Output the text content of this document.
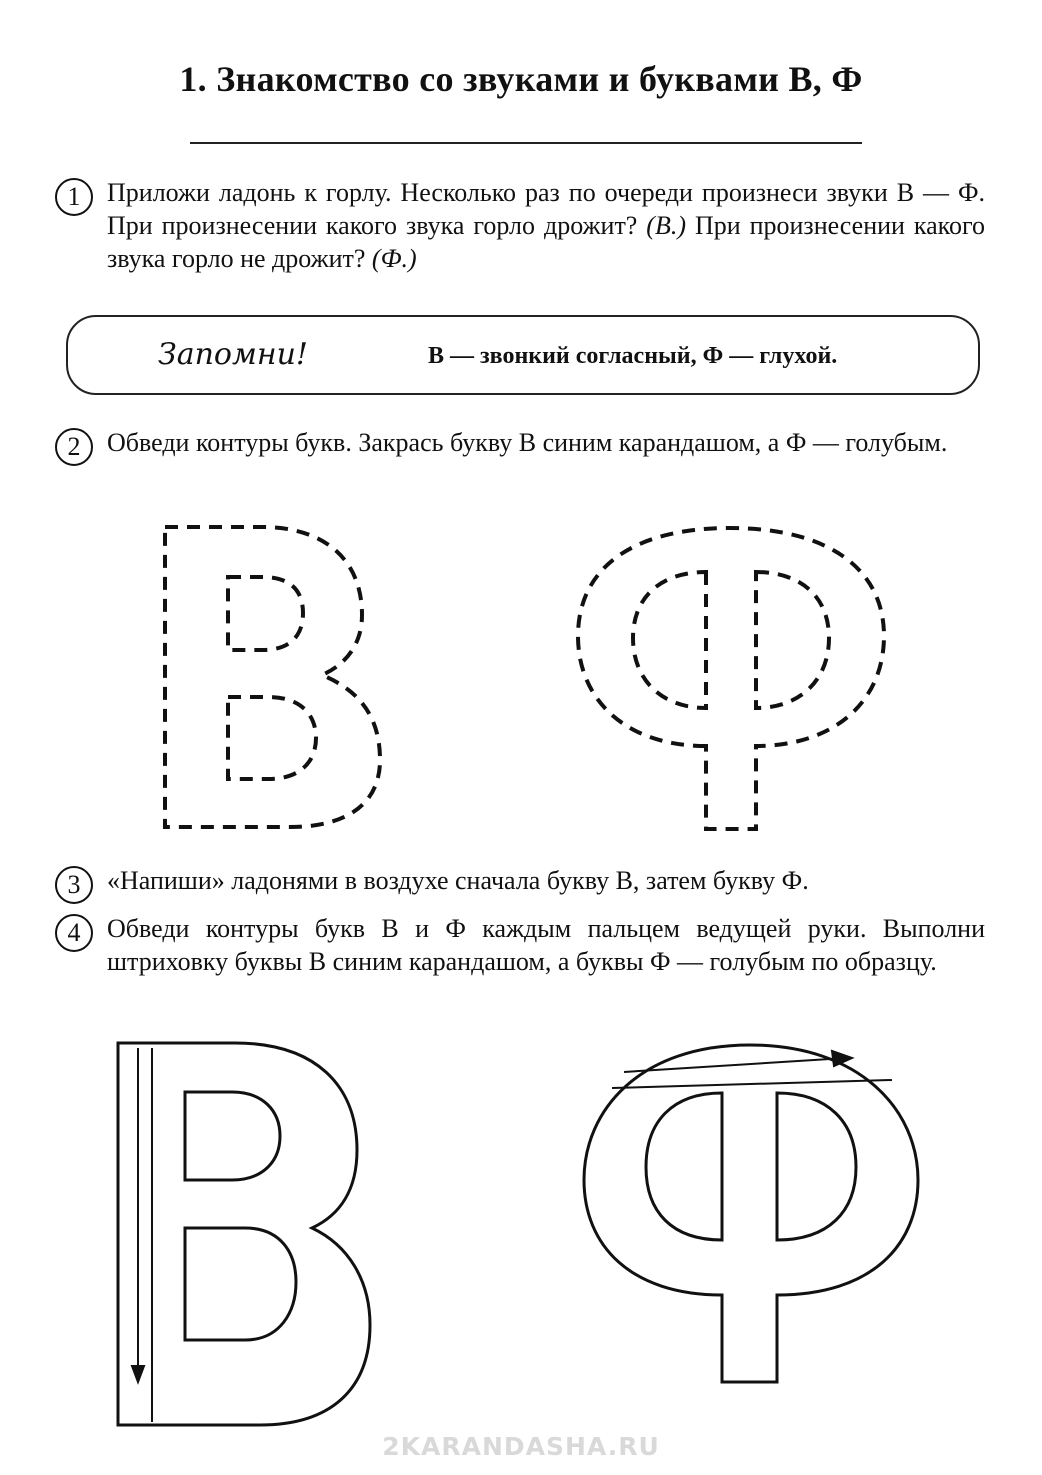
1. Знакомство со звуками и буквами В, Ф
1	Приложи ладонь к горлу. Несколько раз по очереди произнеси звуки В — Ф. При произнесении какого звука горло дрожит? (В.) При произнесении какого звука горло не дрожит? (Ф.)
Запомни!	В — звонкий согласный, Ф — глухой.
2	Обведи контуры букв. Закрась букву В синим карандашом, а Ф — голубым.
3	«Напиши» ладонями в воздухе сначала букву В, затем букву Ф.
4	Обведи контуры букв В и Ф каждым пальцем ведущей руки. Выполни штриховку буквы В синим карандашом, а буквы Ф — голубым по образцу.
2KARANDASHA.RU
